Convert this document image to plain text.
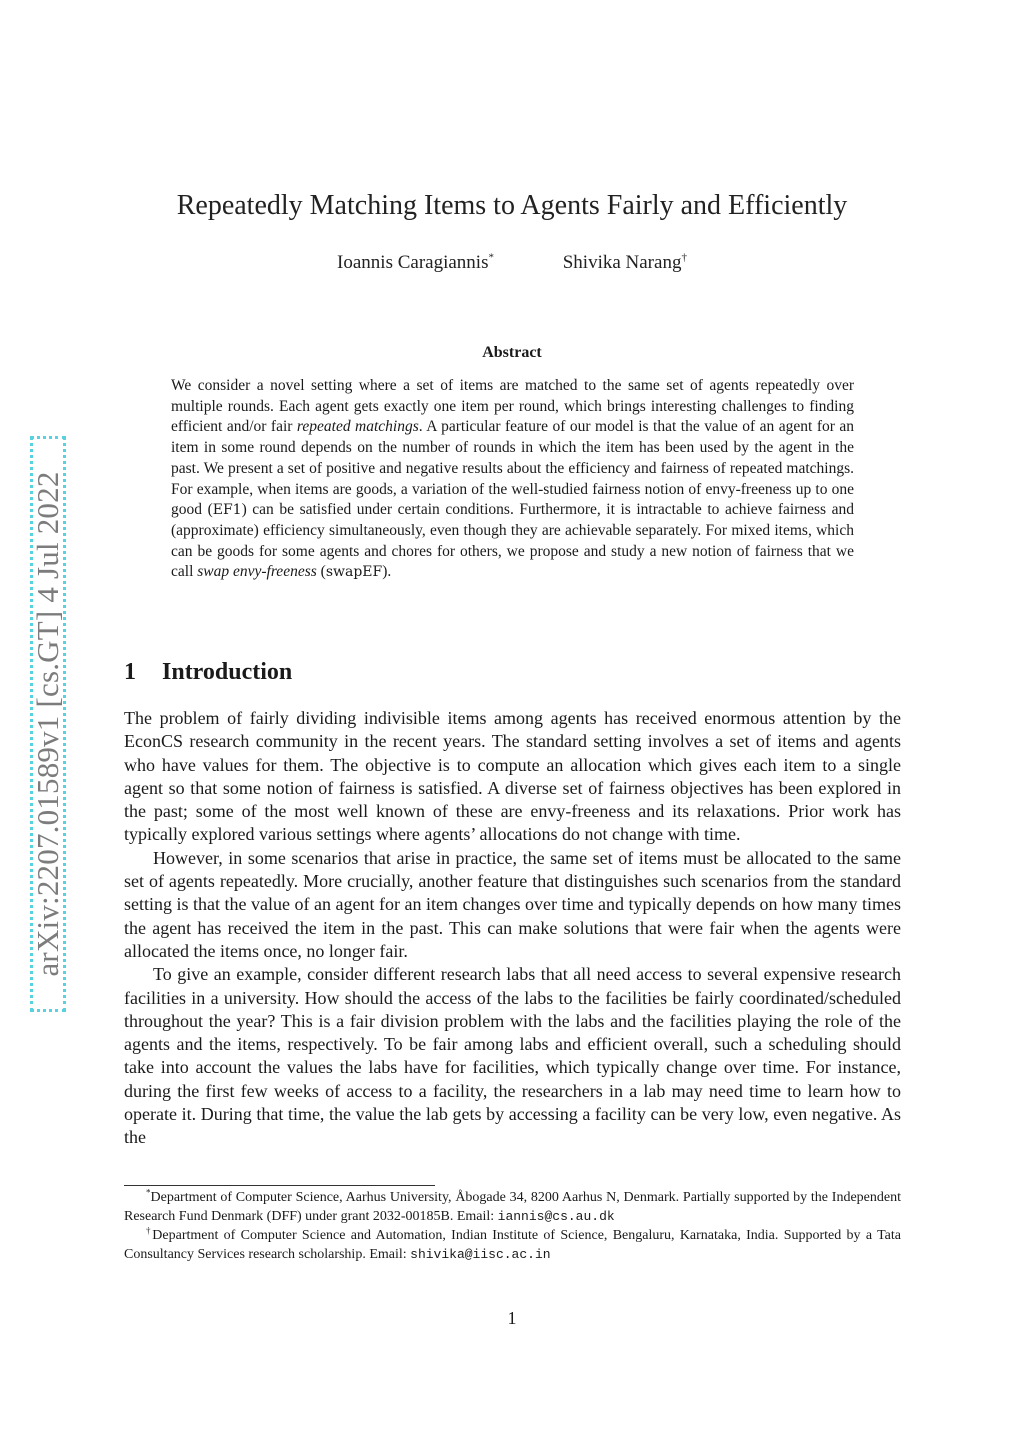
arXiv:2207.01589v1 [cs.GT] 4 Jul 2022
Repeatedly Matching Items to Agents Fairly and Efficiently
Ioannis Caragiannis*	Shivika Narang†
Abstract
We consider a novel setting where a set of items are matched to the same set of agents repeatedly over multiple rounds. Each agent gets exactly one item per round, which brings interesting challenges to finding efficient and/or fair repeated matchings. A particular feature of our model is that the value of an agent for an item in some round depends on the number of rounds in which the item has been used by the agent in the past. We present a set of positive and negative results about the efficiency and fairness of repeated matchings. For example, when items are goods, a variation of the well-studied fairness notion of envy-freeness up to one good (EF1) can be satisfied under certain conditions. Furthermore, it is intractable to achieve fairness and (approximate) efficiency simultaneously, even though they are achievable separately. For mixed items, which can be goods for some agents and chores for others, we propose and study a new notion of fairness that we call swap envy-freeness (swapEF).
1 Introduction

The problem of fairly dividing indivisible items among agents has received enormous attention by the EconCS research community in the recent years. The standard setting involves a set of items and agents who have values for them. The objective is to compute an allocation which gives each item to a single agent so that some notion of fairness is satisfied. A diverse set of fairness objectives has been explored in the past; some of the most well known of these are envy-freeness and its relaxations. Prior work has typically explored various settings where agents’ allocations do not change with time.

However, in some scenarios that arise in practice, the same set of items must be allocated to the same set of agents repeatedly. More crucially, another feature that distinguishes such scenarios from the standard setting is that the value of an agent for an item changes over time and typically depends on how many times the agent has received the item in the past. This can make solutions that were fair when the agents were allocated the items once, no longer fair.

To give an example, consider different research labs that all need access to several expensive research facilities in a university. How should the access of the labs to the facilities be fairly coordinated/scheduled throughout the year? This is a fair division problem with the labs and the facilities playing the role of the agents and the items, respectively. To be fair among labs and efficient overall, such a scheduling should take into account the values the labs have for facilities, which typically change over time. For instance, during the first few weeks of access to a facility, the researchers in a lab may need time to learn how to operate it. During that time, the value the lab gets by accessing a facility can be very low, even negative. As the

*Department of Computer Science, Aarhus University, Åbogade 34, 8200 Aarhus N, Denmark. Partially supported by the Independent Research Fund Denmark (DFF) under grant 2032-00185B. Email: iannis@cs.au.dk

†Department of Computer Science and Automation, Indian Institute of Science, Bengaluru, Karnataka, India. Supported by a Tata Consultancy Services research scholarship. Email: shivika@iisc.ac.in

1
